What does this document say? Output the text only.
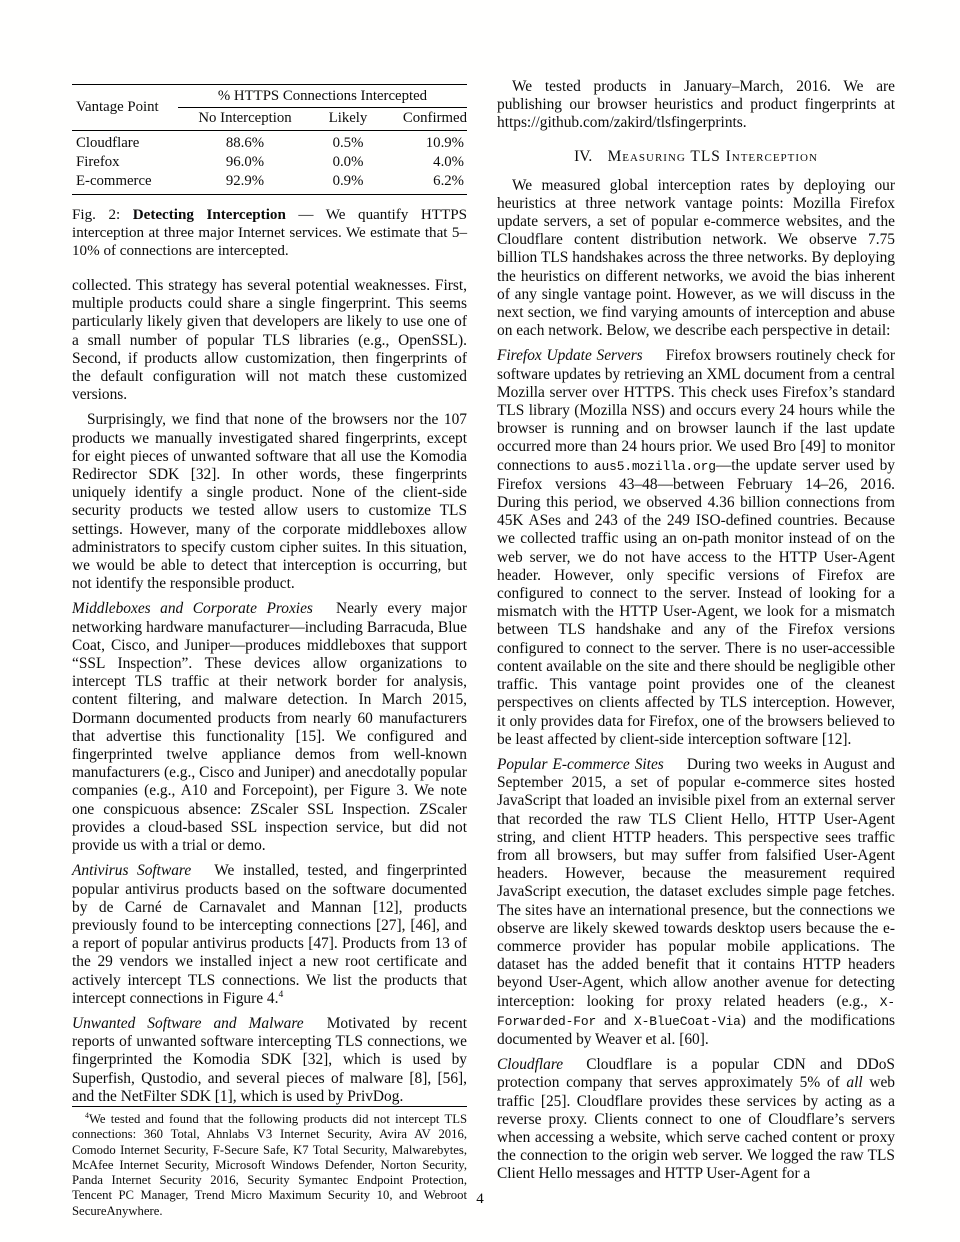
Vantage Point	% HTTPS Connections Intercepted		
	No Interception	Likely	Confirmed
Cloudflare	88.6%	0.5%	10.9%
Firefox	96.0%	0.0%	4.0%
E-commerce	92.9%	0.9%	6.2%

Fig. 2: Detecting Interception — We quantify HTTPS interception at three major Internet services. We estimate that 5–10% of connections are intercepted.

collected. This strategy has several potential weaknesses. First, multiple products could share a single fingerprint. This seems particularly likely given that developers are likely to use one of a small number of popular TLS libraries (e.g., OpenSSL). Second, if products allow customization, then fingerprints of the default configuration will not match these customized versions.

Surprisingly, we find that none of the browsers nor the 107 products we manually investigated shared fingerprints, except for eight pieces of unwanted software that all use the Komodia Redirector SDK [32]. In other words, these fingerprints uniquely identify a single product. None of the client-side security products we tested allow users to customize TLS settings. However, many of the corporate middleboxes allow administrators to specify custom cipher suites. In this situation, we would be able to detect that interception is occurring, but not identify the responsible product.

Middleboxes and Corporate Proxies   Nearly every major networking hardware manufacturer—including Barracuda, Blue Coat, Cisco, and Juniper—produces middleboxes that support “SSL Inspection”. These devices allow organizations to intercept TLS traffic at their network border for analysis, content filtering, and malware detection. In March 2015, Dormann documented products from nearly 60 manufacturers that advertise this functionality [15]. We configured and fingerprinted twelve appliance demos from well-known manufacturers (e.g., Cisco and Juniper) and anecdotally popular companies (e.g., A10 and Forcepoint), per Figure 3. We note one conspicuous absence: ZScaler SSL Inspection. ZScaler provides a cloud-based SSL inspection service, but did not provide us with a trial or demo.

Antivirus Software   We installed, tested, and fingerprinted popular antivirus products based on the software documented by de Carné de Carnavalet and Mannan [12], products previously found to be intercepting connections [27], [46], and a report of popular antivirus products [47]. Products from 13 of the 29 vendors we installed inject a new root certificate and actively intercept TLS connections. We list the products that intercept connections in Figure 4.$^4$

Unwanted Software and Malware   Motivated by recent reports of unwanted software intercepting TLS connections, we fingerprinted the Komodia SDK [32], which is used by Superfish, Qustodio, and several pieces of malware [8], [56], and the NetFilter SDK [1], which is used by PrivDog.

$^4$We tested and found that the following products did not intercept TLS connections: 360 Total, Ahnlabs V3 Internet Security, Avira AV 2016, Comodo Internet Security, F-Secure Safe, K7 Total Security, Malwarebytes, McAfee Internet Security, Microsoft Windows Defender, Norton Security, Panda Internet Security 2016, Security Symantec Endpoint Protection, Tencent PC Manager, Trend Micro Maximum Security 10, and Webroot SecureAnywhere.

We tested products in January–March, 2016. We are publishing our browser heuristics and product fingerprints at https://github.com/zakird/tlsfingerprints.

IV.  Measuring TLS Interception

We measured global interception rates by deploying our heuristics at three network vantage points: Mozilla Firefox update servers, a set of popular e-commerce websites, and the Cloudflare content distribution network. We observe 7.75 billion TLS handshakes across the three networks. By deploying the heuristics on different networks, we avoid the bias inherent of any single vantage point. However, as we will discuss in the next section, we find varying amounts of interception and abuse on each network. Below, we describe each perspective in detail:

Firefox Update Servers   Firefox browsers routinely check for software updates by retrieving an XML document from a central Mozilla server over HTTPS. This check uses Firefox’s standard TLS library (Mozilla NSS) and occurs every 24 hours while the browser is running and on browser launch if the last update occurred more than 24 hours prior. We used Bro [49] to monitor connections to aus5.mozilla.org—the update server used by Firefox versions 43–48—between February 14–26, 2016. During this period, we observed 4.36 billion connections from 45K ASes and 243 of the 249 ISO-defined countries. Because we collected traffic using an on-path monitor instead of on the web server, we do not have access to the HTTP User-Agent header. However, only specific versions of Firefox are configured to connect to the server. Instead of looking for a mismatch with the HTTP User-Agent, we look for a mismatch between TLS handshake and any of the Firefox versions configured to connect to the server. There is no user-accessible content available on the site and there should be negligible other traffic. This vantage point provides one of the cleanest perspectives on clients affected by TLS interception. However, it only provides data for Firefox, one of the browsers believed to be least affected by client-side interception software [12].

Popular E-commerce Sites   During two weeks in August and September 2015, a set of popular e-commerce sites hosted JavaScript that loaded an invisible pixel from an external server that recorded the raw TLS Client Hello, HTTP User-Agent string, and client HTTP headers. This perspective sees traffic from all browsers, but may suffer from falsified User-Agent headers. However, because the measurement required JavaScript execution, the dataset excludes simple page fetches. The sites have an international presence, but the connections we observe are likely skewed towards desktop users because the e-commerce provider has popular mobile applications. The dataset has the added benefit that it contains HTTP headers beyond User-Agent, which allow another avenue for detecting interception: looking for proxy related headers (e.g., X-Forwarded-For and X-BlueCoat-Via) and the modifications documented by Weaver et al. [60].

Cloudflare   Cloudflare is a popular CDN and DDoS protection company that serves approximately 5% of all web traffic [25]. Cloudflare provides these services by acting as a reverse proxy. Clients connect to one of Cloudflare’s servers when accessing a website, which serve cached content or proxy the connection to the origin web server. We logged the raw TLS Client Hello messages and HTTP User-Agent for a

4
